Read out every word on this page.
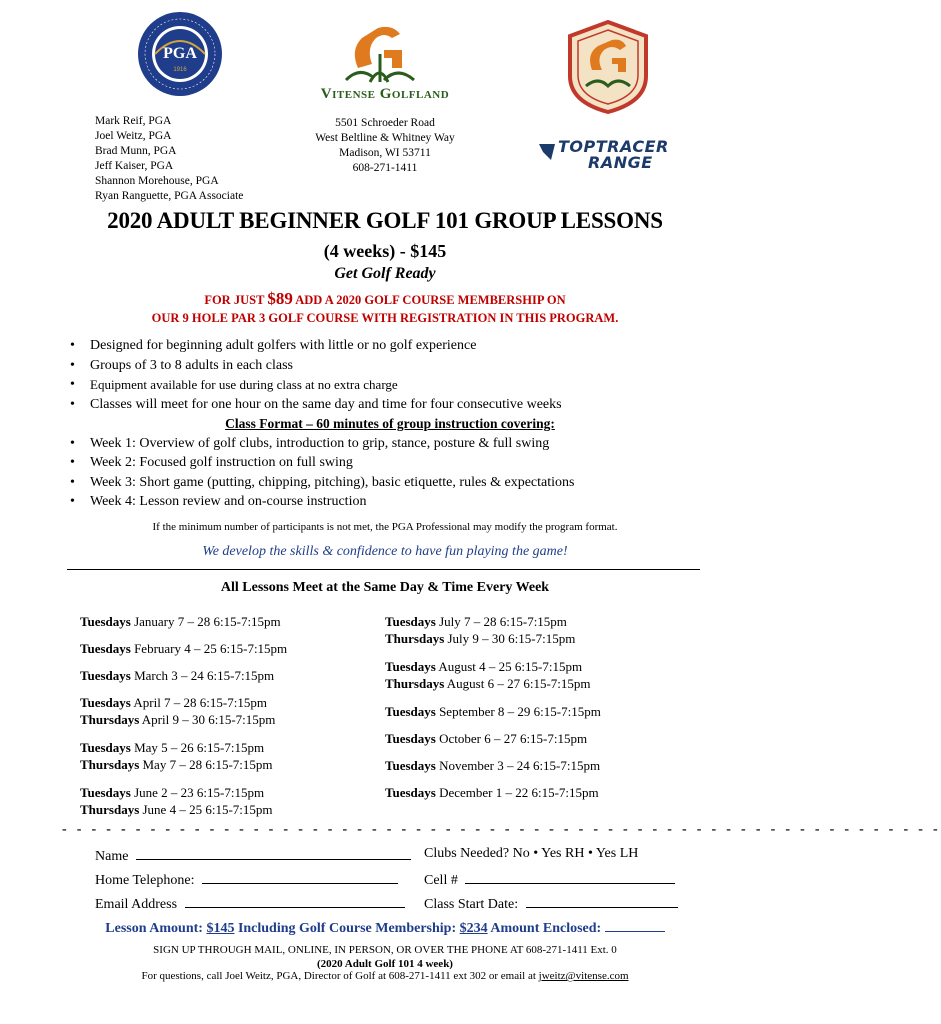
PGA
1916
Vitense Golfland
Mark Reif, PGA
Joel Weitz, PGA
Brad Munn, PGA
Jeff Kaiser, PGA
Shannon Morehouse, PGA
Ryan Ranguette, PGA Associate
5501 Schroeder Road
West Beltline & Whitney Way
Madison, WI 53711
608-271-1411
TOPTRACER
RANGE
2020 ADULT BEGINNER GOLF 101 GROUP LESSONS
(4 weeks) - $145
Get Golf Ready
FOR JUST $89 ADD A 2020 GOLF COURSE MEMBERSHIP ON
OUR 9 HOLE PAR 3 GOLF COURSE WITH REGISTRATION IN THIS PROGRAM.
• Designed for beginning adult golfers with little or no golf experience
• Groups of 3 to 8 adults in each class
• Equipment available for use during class at no extra charge
• Classes will meet for one hour on the same day and time for four consecutive weeks
Class Format – 60 minutes of group instruction covering:
• Week 1: Overview of golf clubs, introduction to grip, stance, posture & full swing
• Week 2: Focused golf instruction on full swing
• Week 3: Short game (putting, chipping, pitching), basic etiquette, rules & expectations
• Week 4: Lesson review and on-course instruction
If the minimum number of participants is not met, the PGA Professional may modify the program format.
We develop the skills & confidence to have fun playing the game!
All Lessons Meet at the Same Day & Time Every Week
Tuesdays January 7 – 28 6:15-7:15pm
Tuesdays February 4 – 25 6:15-7:15pm
Tuesdays March 3 – 24 6:15-7:15pm
Tuesdays April 7 – 28 6:15-7:15pm
Thursdays April 9 – 30 6:15-7:15pm
Tuesdays May 5 – 26 6:15-7:15pm
Thursdays May 7 – 28 6:15-7:15pm
Tuesdays June 2 – 23 6:15-7:15pm
Thursdays June 4 – 25 6:15-7:15pm
Tuesdays July 7 – 28 6:15-7:15pm
Thursdays July 9 – 30 6:15-7:15pm
Tuesdays August 4 – 25 6:15-7:15pm
Thursdays August 6 – 27 6:15-7:15pm
Tuesdays September 8 – 29 6:15-7:15pm
Tuesdays October 6 – 27 6:15-7:15pm
Tuesdays November 3 – 24 6:15-7:15pm
Tuesdays December 1 – 22 6:15-7:15pm
- - - - - - - - - - - - - - - - - - - - - - - - - - - - - - - - - - - - - - - - - - - - - - - - - - - - - - - - - - - -
Name	Clubs Needed? No • Yes RH • Yes LH
Home Telephone:	Cell #
Email Address	Class Start Date:
Lesson Amount: $145 Including Golf Course Membership: $234 Amount Enclosed:
SIGN UP THROUGH MAIL, ONLINE, IN PERSON, OR OVER THE PHONE AT 608-271-1411 Ext. 0
(2020 Adult Golf 101 4 week)
For questions, call Joel Weitz, PGA, Director of Golf at 608-271-1411 ext 302 or email at jweitz@vitense.com
